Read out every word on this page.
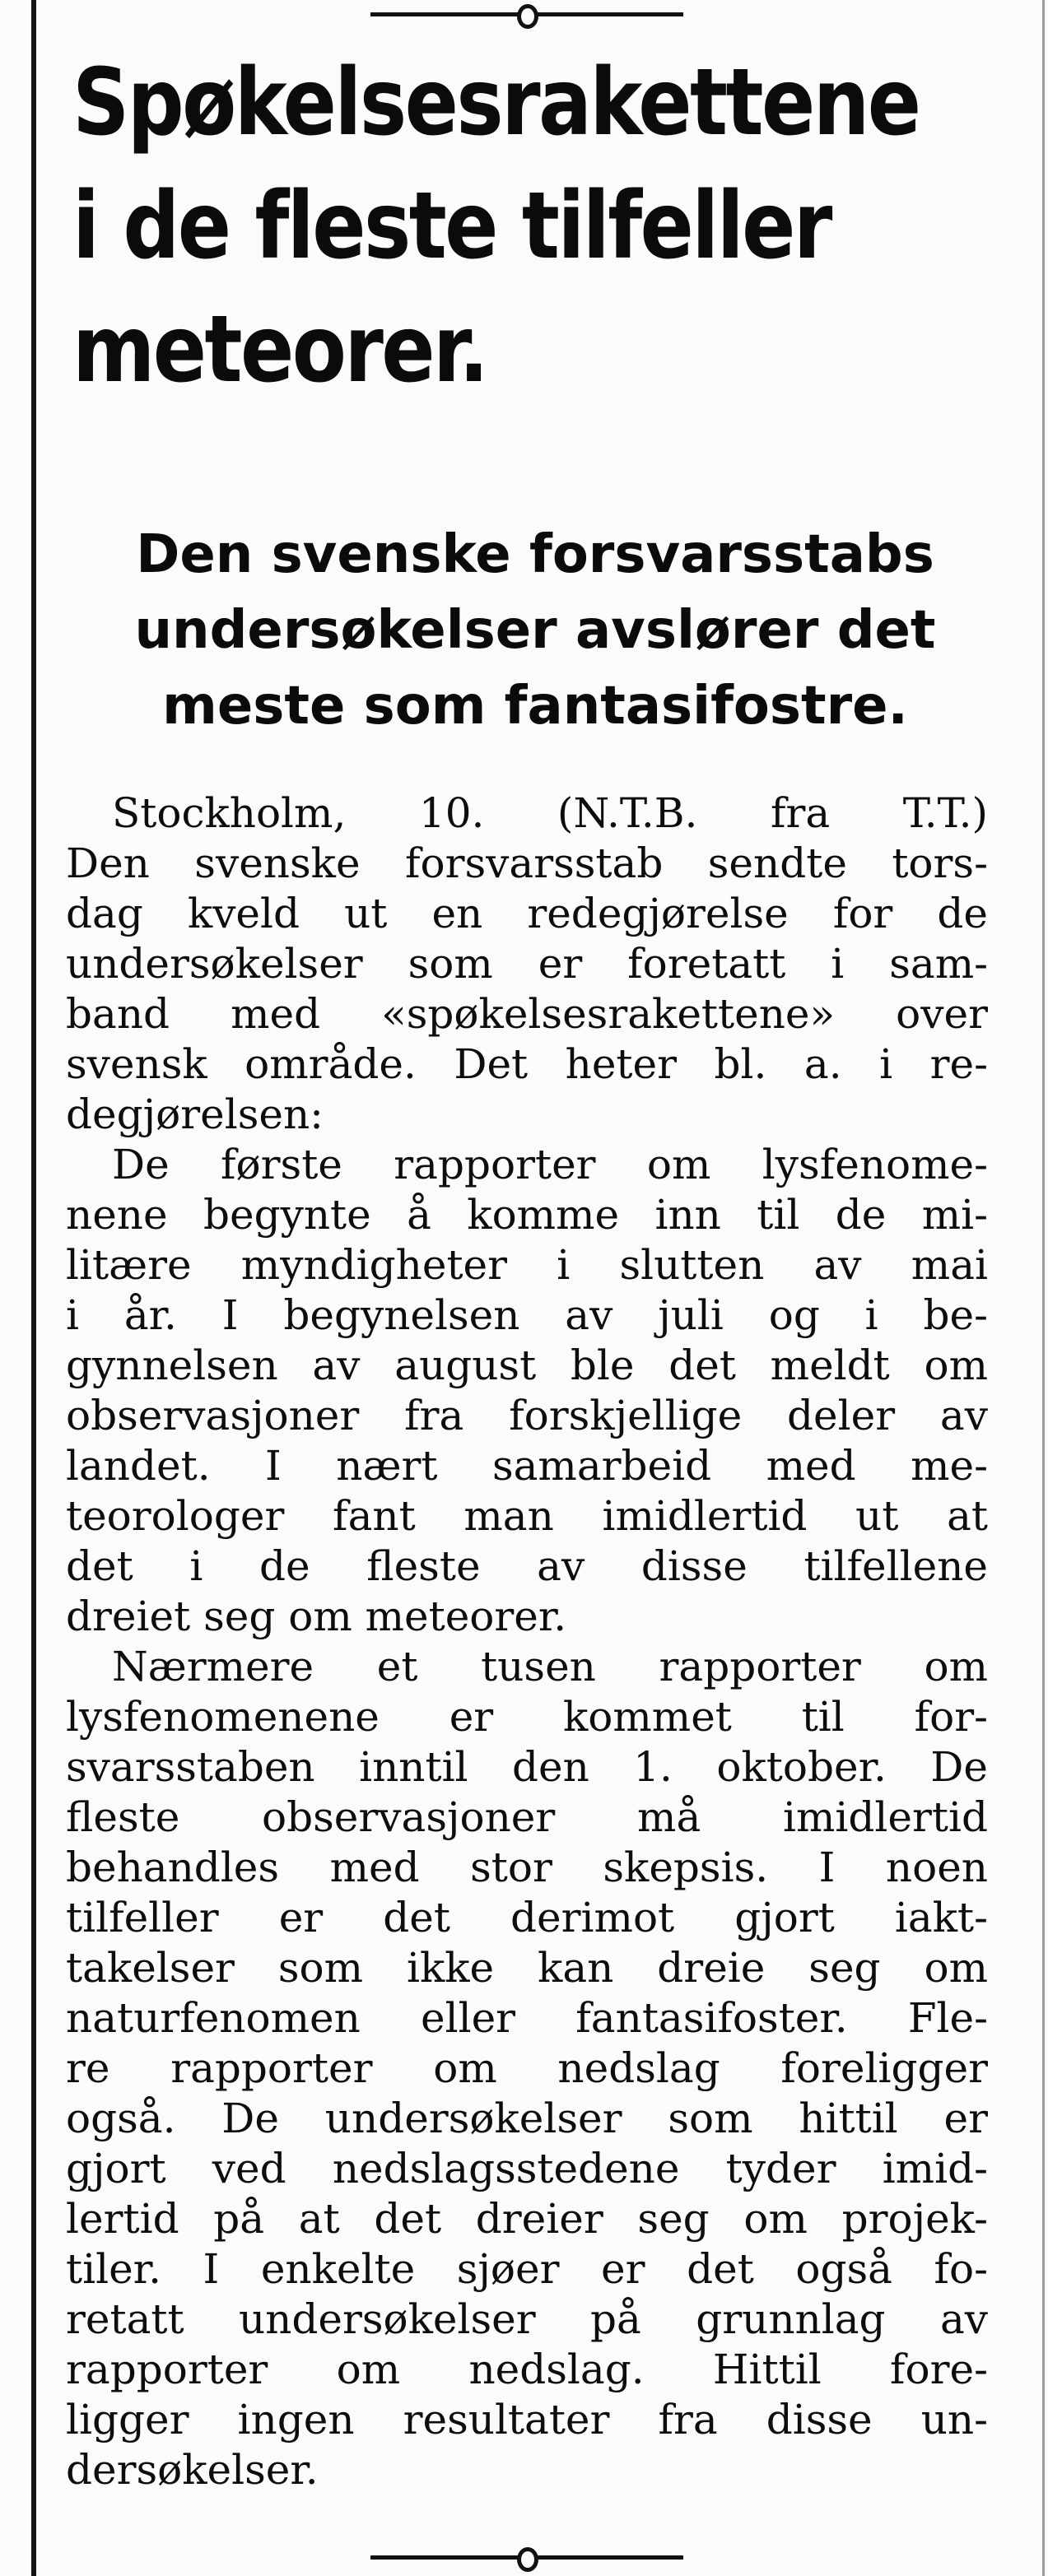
Spøkelsesrakettene
i de fleste tilfeller
meteorer.
Den svenske forsvarsstabs
undersøkelser avslører det
meste som fantasifostre.
Stockholm, 10. (N.T.B. fra T.T.)
Den svenske forsvarsstab sendte tors-
dag kveld ut en redegjørelse for de
undersøkelser som er foretatt i sam-
band med «spøkelsesrakettene» over
svensk område. Det heter bl. a. i re-
degjørelsen:
De første rapporter om lysfenome-
nene begynte å komme inn til de mi-
litære myndigheter i slutten av mai
i år. I begynelsen av juli og i be-
gynnelsen av august ble det meldt om
observasjoner fra forskjellige deler av
landet. I nært samarbeid med me-
teorologer fant man imidlertid ut at
det i de fleste av disse tilfellene
dreiet seg om meteorer.
Nærmere et tusen rapporter om
lysfenomenene er kommet til for-
svarsstaben inntil den 1. oktober. De
fleste observasjoner må imidlertid
behandles med stor skepsis. I noen
tilfeller er det derimot gjort iakt-
takelser som ikke kan dreie seg om
naturfenomen eller fantasifoster. Fle-
re rapporter om nedslag foreligger
også. De undersøkelser som hittil er
gjort ved nedslagsstedene tyder imid-
lertid på at det dreier seg om projek-
tiler. I enkelte sjøer er det også fo-
retatt undersøkelser på grunnlag av
rapporter om nedslag. Hittil fore-
ligger ingen resultater fra disse un-
dersøkelser.
